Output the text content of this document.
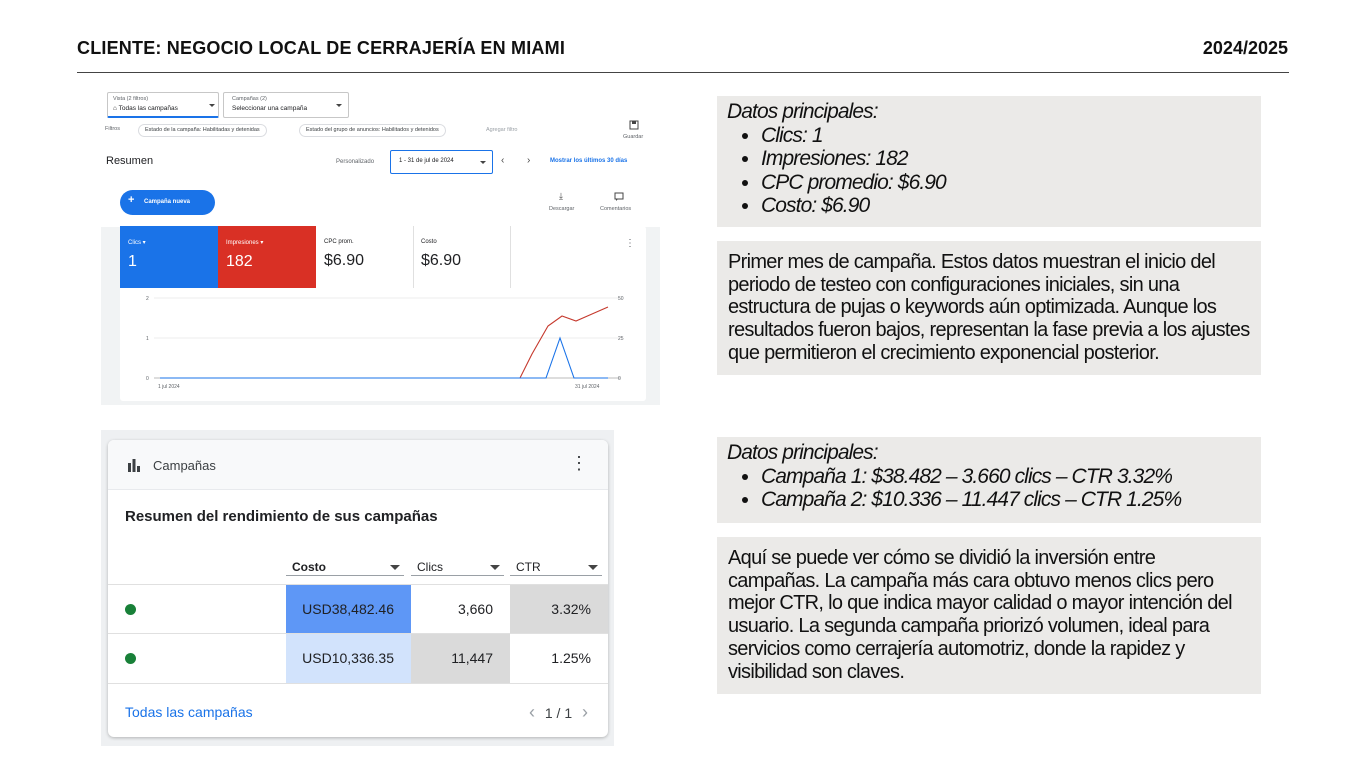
CLIENTE: NEGOCIO LOCAL DE CERRAJERÍA EN MIAMI	2024/2025
Vista (2 filtros)
⌂ Todas las campañas
Campañas (2)
Seleccionar una campaña
Filtros	Estado de la campaña: Habilitadas y detenidas	Estado del grupo de anuncios: Habilitados y detenidos	Agregar filtro
Guardar
Resumen	Personalizado	1 - 31 de jul de 2024	‹ ›	Mostrar los últimos 30 días
+ Campaña nueva
⤓
Descargar	Comentarios
Clics ▾
1
Impresiones ▾
182
CPC prom.
$6.90
Costo
$6.90
⋮
2
1
0
50
25
0
1 jul 2024	31 jul 2024
Datos principales:
• Clics: 1
• Impresiones: 182
• CPC promedio: $6.90
• Costo: $6.90
Primer mes de campaña. Estos datos muestran el inicio del periodo de testeo con configuraciones iniciales, sin una estructura de pujas o keywords aún optimizada. Aunque los resultados fueron bajos, representan la fase previa a los ajustes que permitieron el crecimiento exponencial posterior.
Campañas	⋮
Resumen del rendimiento de sus campañas
Costo	Clics	CTR
USD38,482.46	3,660	3.32%
USD10,336.35	11,447	1.25%
Todas las campañas	‹ 1 / 1 ›
Datos principales:
• Campaña 1: $38.482 – 3.660 clics – CTR 3.32%
• Campaña 2: $10.336 – 11.447 clics – CTR 1.25%
Aquí se puede ver cómo se dividió la inversión entre campañas. La campaña más cara obtuvo menos clics pero mejor CTR, lo que indica mayor calidad o mayor intención del usuario. La segunda campaña priorizó volumen, ideal para servicios como cerrajería automotriz, donde la rapidez y visibilidad son claves.
